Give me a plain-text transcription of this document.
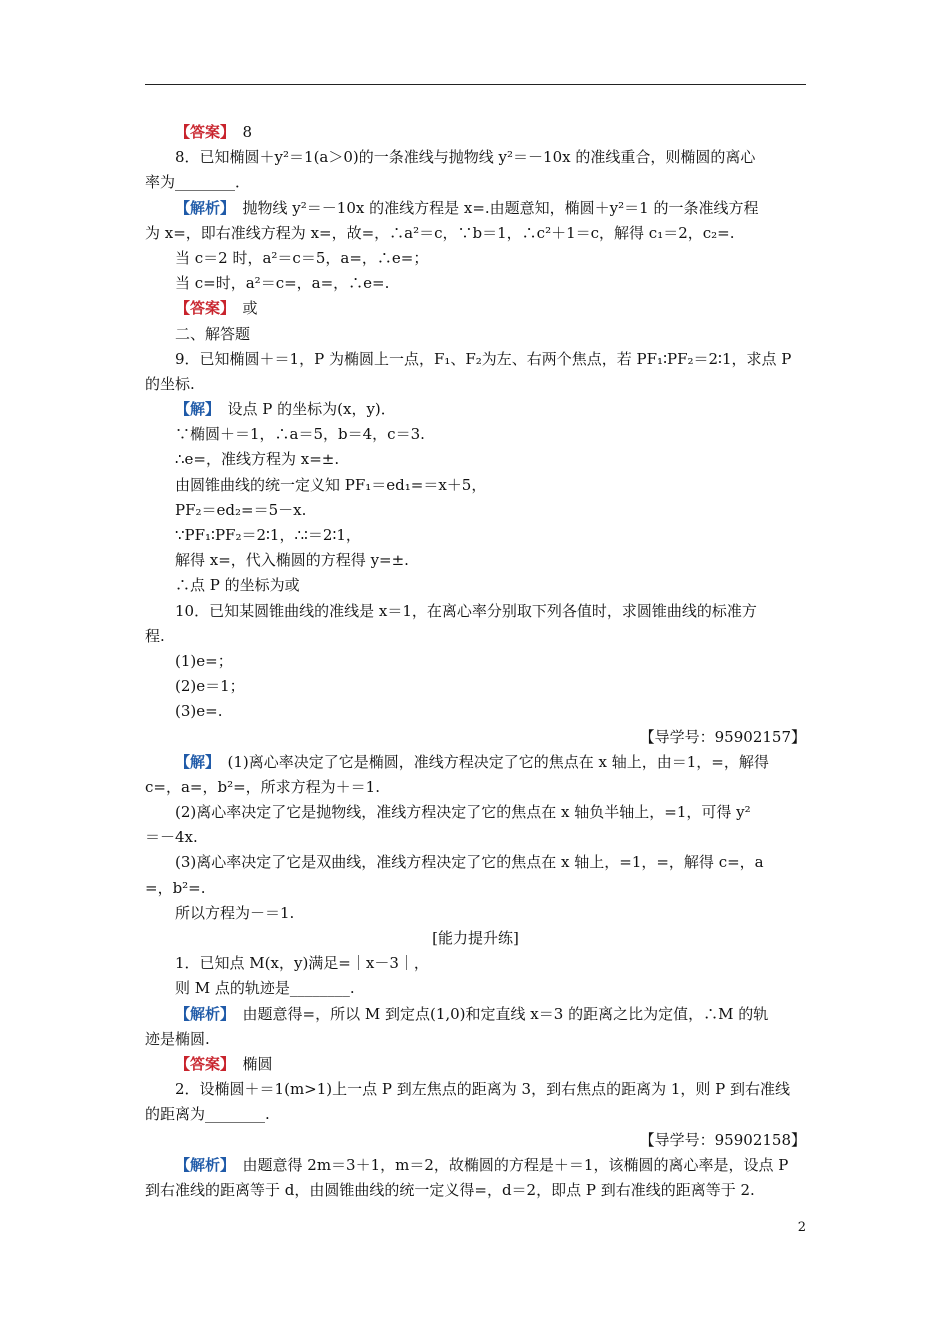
【答案】　8
8．已知椭圆＋y²＝1(a＞0)的一条准线与抛物线 y²＝－10x 的准线重合，则椭圆的离心
率为________．
【解析】　抛物线 y²＝－10x 的准线方程是 x=.由题意知，椭圆＋y²＝1 的一条准线方程
为 x=，即右准线方程为 x=，故=，∴a²＝c，∵b＝1，∴c²＋1＝c，解得 c₁＝2，c₂=.
当 c＝2 时，a²＝c＝5，a=，∴e=；
当 c=时，a²＝c=，a=，∴e=.
【答案】　或
二、解答题
9．已知椭圆＋＝1，P 为椭圆上一点，F₁、F₂为左、右两个焦点，若 PF₁∶PF₂＝2∶1，求点 P
的坐标.
【解】　设点 P 的坐标为(x，y)．
∵椭圆＋＝1，∴a＝5，b＝4，c＝3.
∴e=，准线方程为 x=±.
由圆锥曲线的统一定义知 PF₁＝ed₁=＝x＋5，
PF₂＝ed₂=＝5－x.
∵PF₁∶PF₂＝2∶1，∴∶＝2∶1，
解得 x=，代入椭圆的方程得 y=±.
∴点 P 的坐标为或
10．已知某圆锥曲线的准线是 x＝1，在离心率分别取下列各值时，求圆锥曲线的标准方
程.
(1)e=；
(2)e＝1；
(3)e=.
【导学号：95902157】
【解】　(1)离心率决定了它是椭圆，准线方程决定了它的焦点在 x 轴上，由＝1，=，解得
c=，a=，b²=，所求方程为＋＝1.
(2)离心率决定了它是抛物线，准线方程决定了它的焦点在 x 轴负半轴上，=1，可得 y²
＝－4x.
(3)离心率决定了它是双曲线，准线方程决定了它的焦点在 x 轴上，=1，=，解得 c=，a
=，b²=.
所以方程为－＝1.
[能力提升练]
1．已知点 M(x，y)满足=｜x－3｜，
则 M 点的轨迹是________.
【解析】　由题意得=，所以 M 到定点(1,0)和定直线 x＝3 的距离之比为定值，∴M 的轨
迹是椭圆.
【答案】　椭圆
2．设椭圆＋＝1(m>1)上一点 P 到左焦点的距离为 3，到右焦点的距离为 1，则 P 到右准线
的距离为________.
【导学号：95902158】
【解析】　由题意得 2m＝3＋1，m＝2，故椭圆的方程是＋＝1，该椭圆的离心率是，设点 P
到右准线的距离等于 d，由圆锥曲线的统一定义得=，d＝2，即点 P 到右准线的距离等于 2.
2
